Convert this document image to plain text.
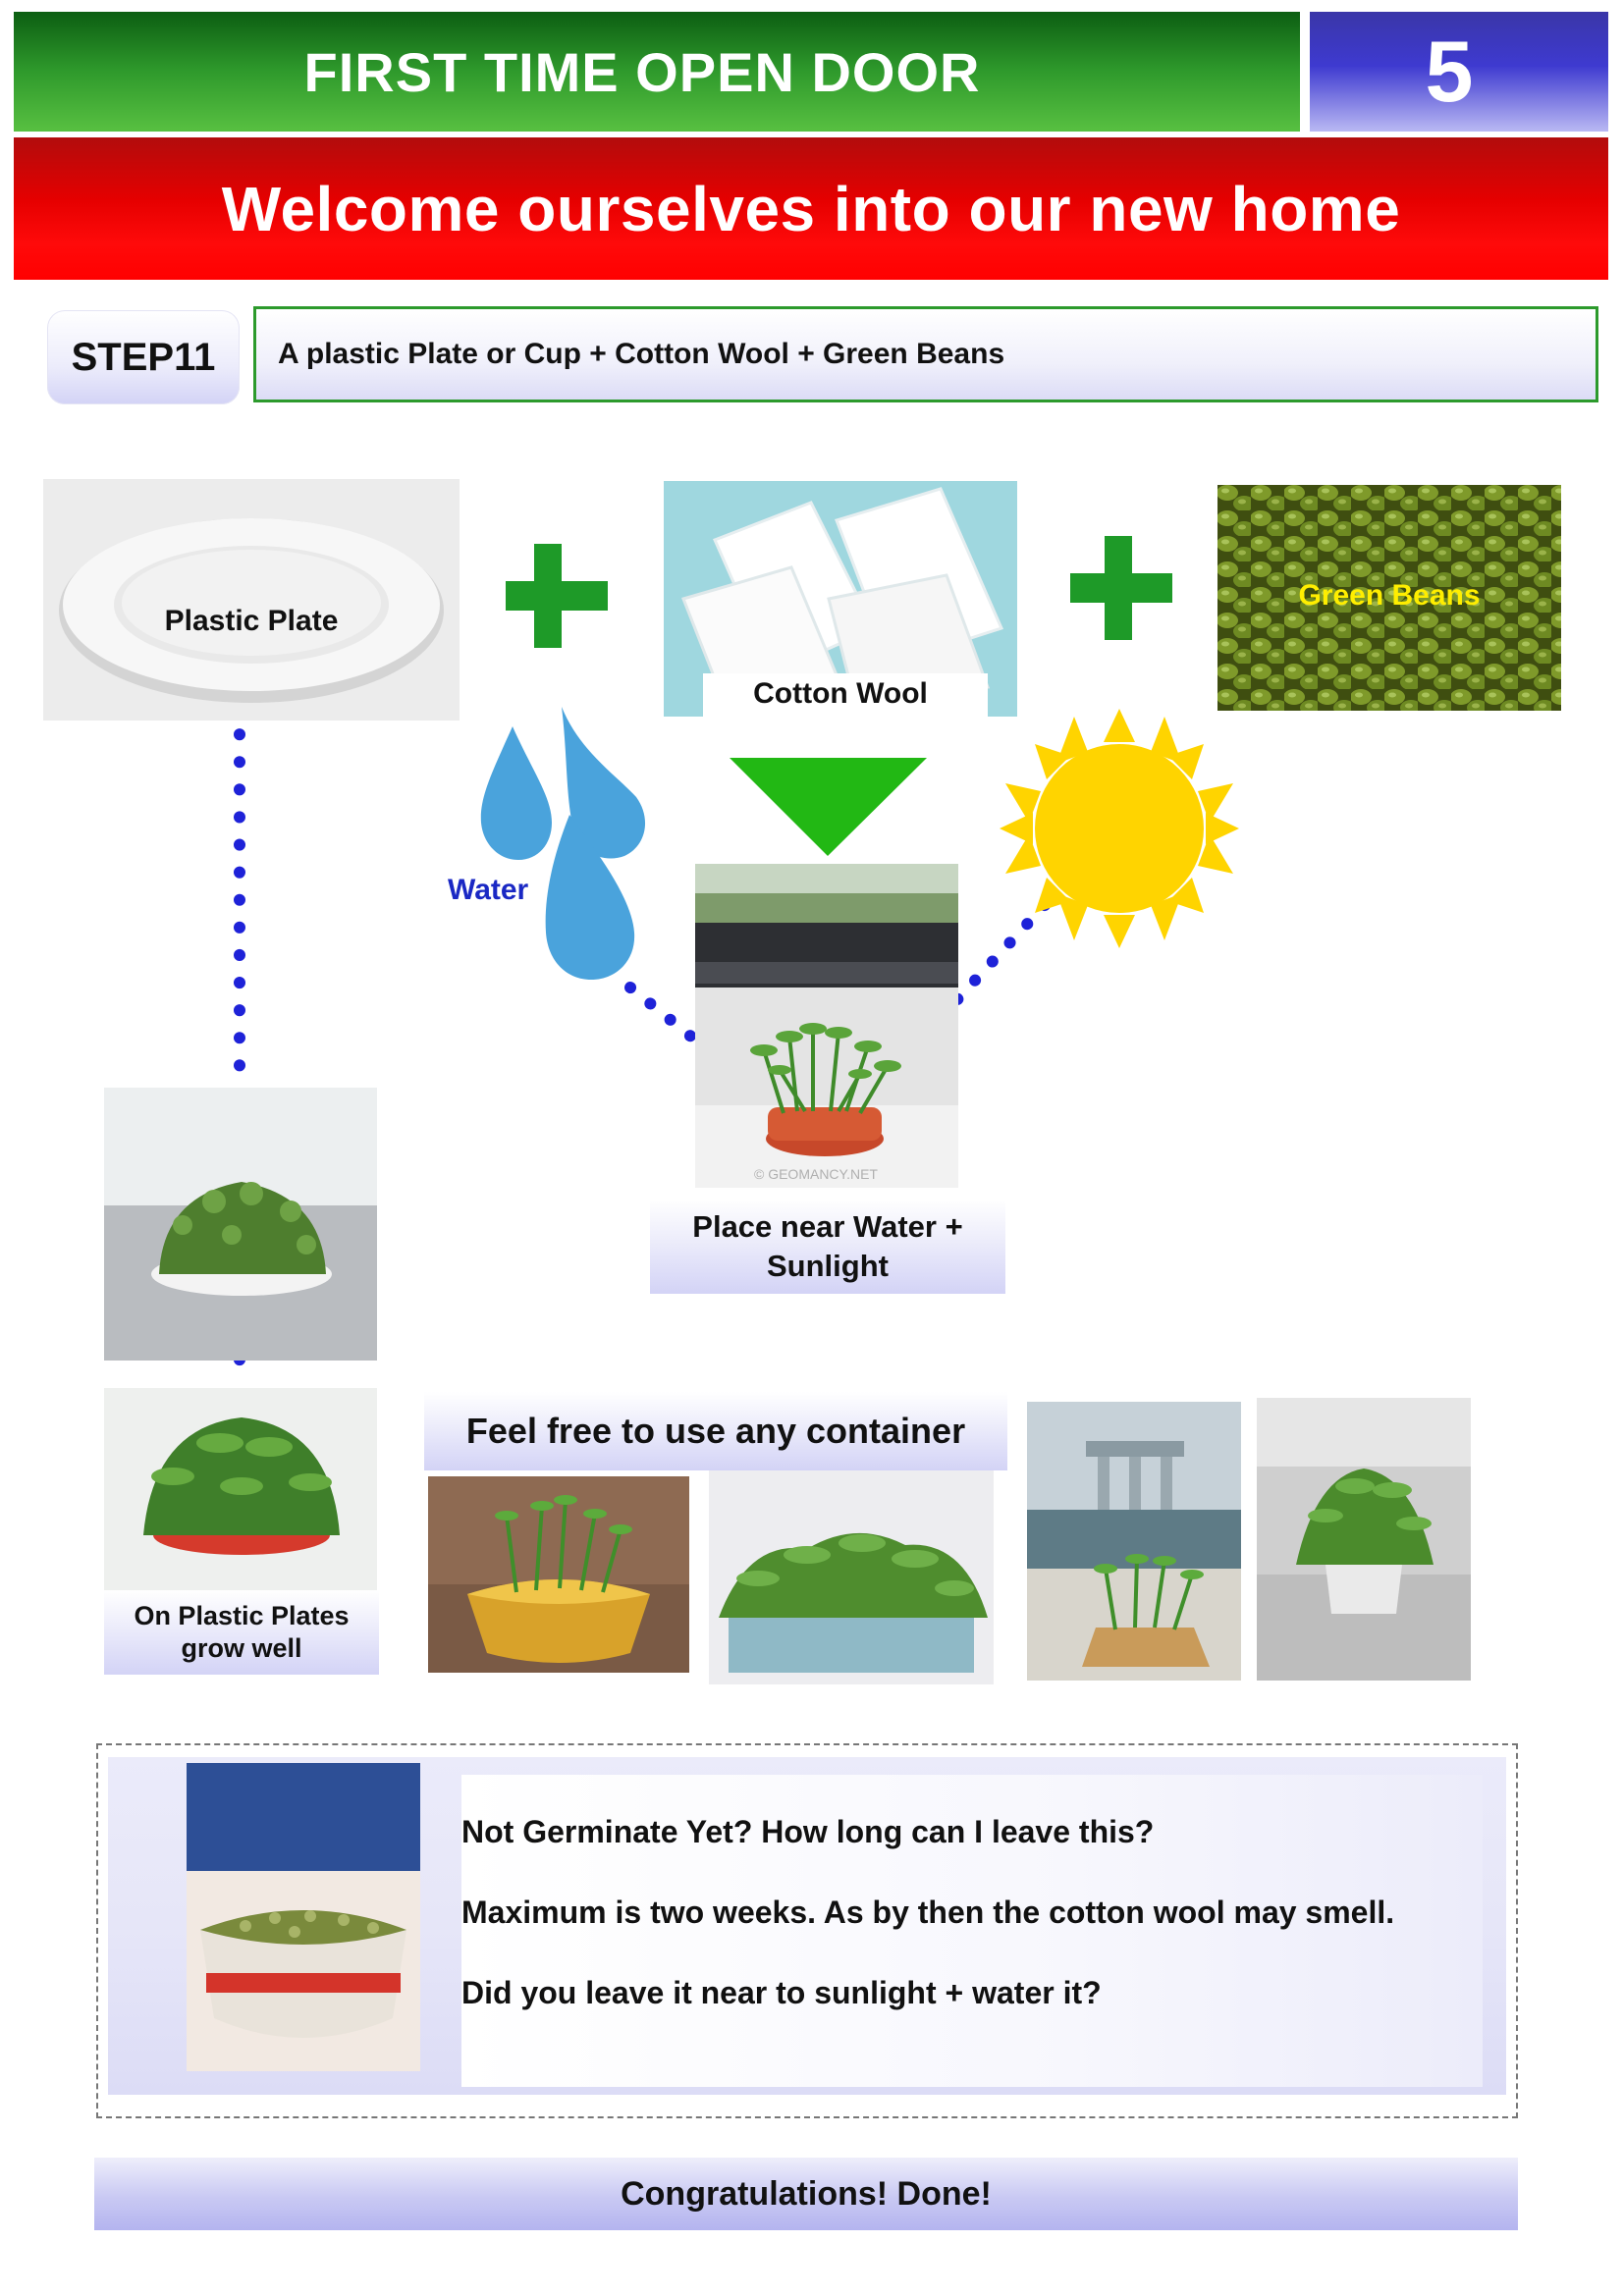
FIRST TIME OPEN DOOR	5
Welcome ourselves into our new home
STEP11 A plastic Plate or Cup + Cotton Wool + Green Beans
Plastic Plate
Cotton Wool
Green Beans
Water
© GEOMANCY.NET
Place near Water + Sunlight
On Plastic Plates grow well
Feel free to use any container
Not Germinate Yet? How long can I leave this?
Maximum is two weeks. As by then the cotton wool may smell.
Did you leave it near to sunlight + water it?
Congratulations! Done!
